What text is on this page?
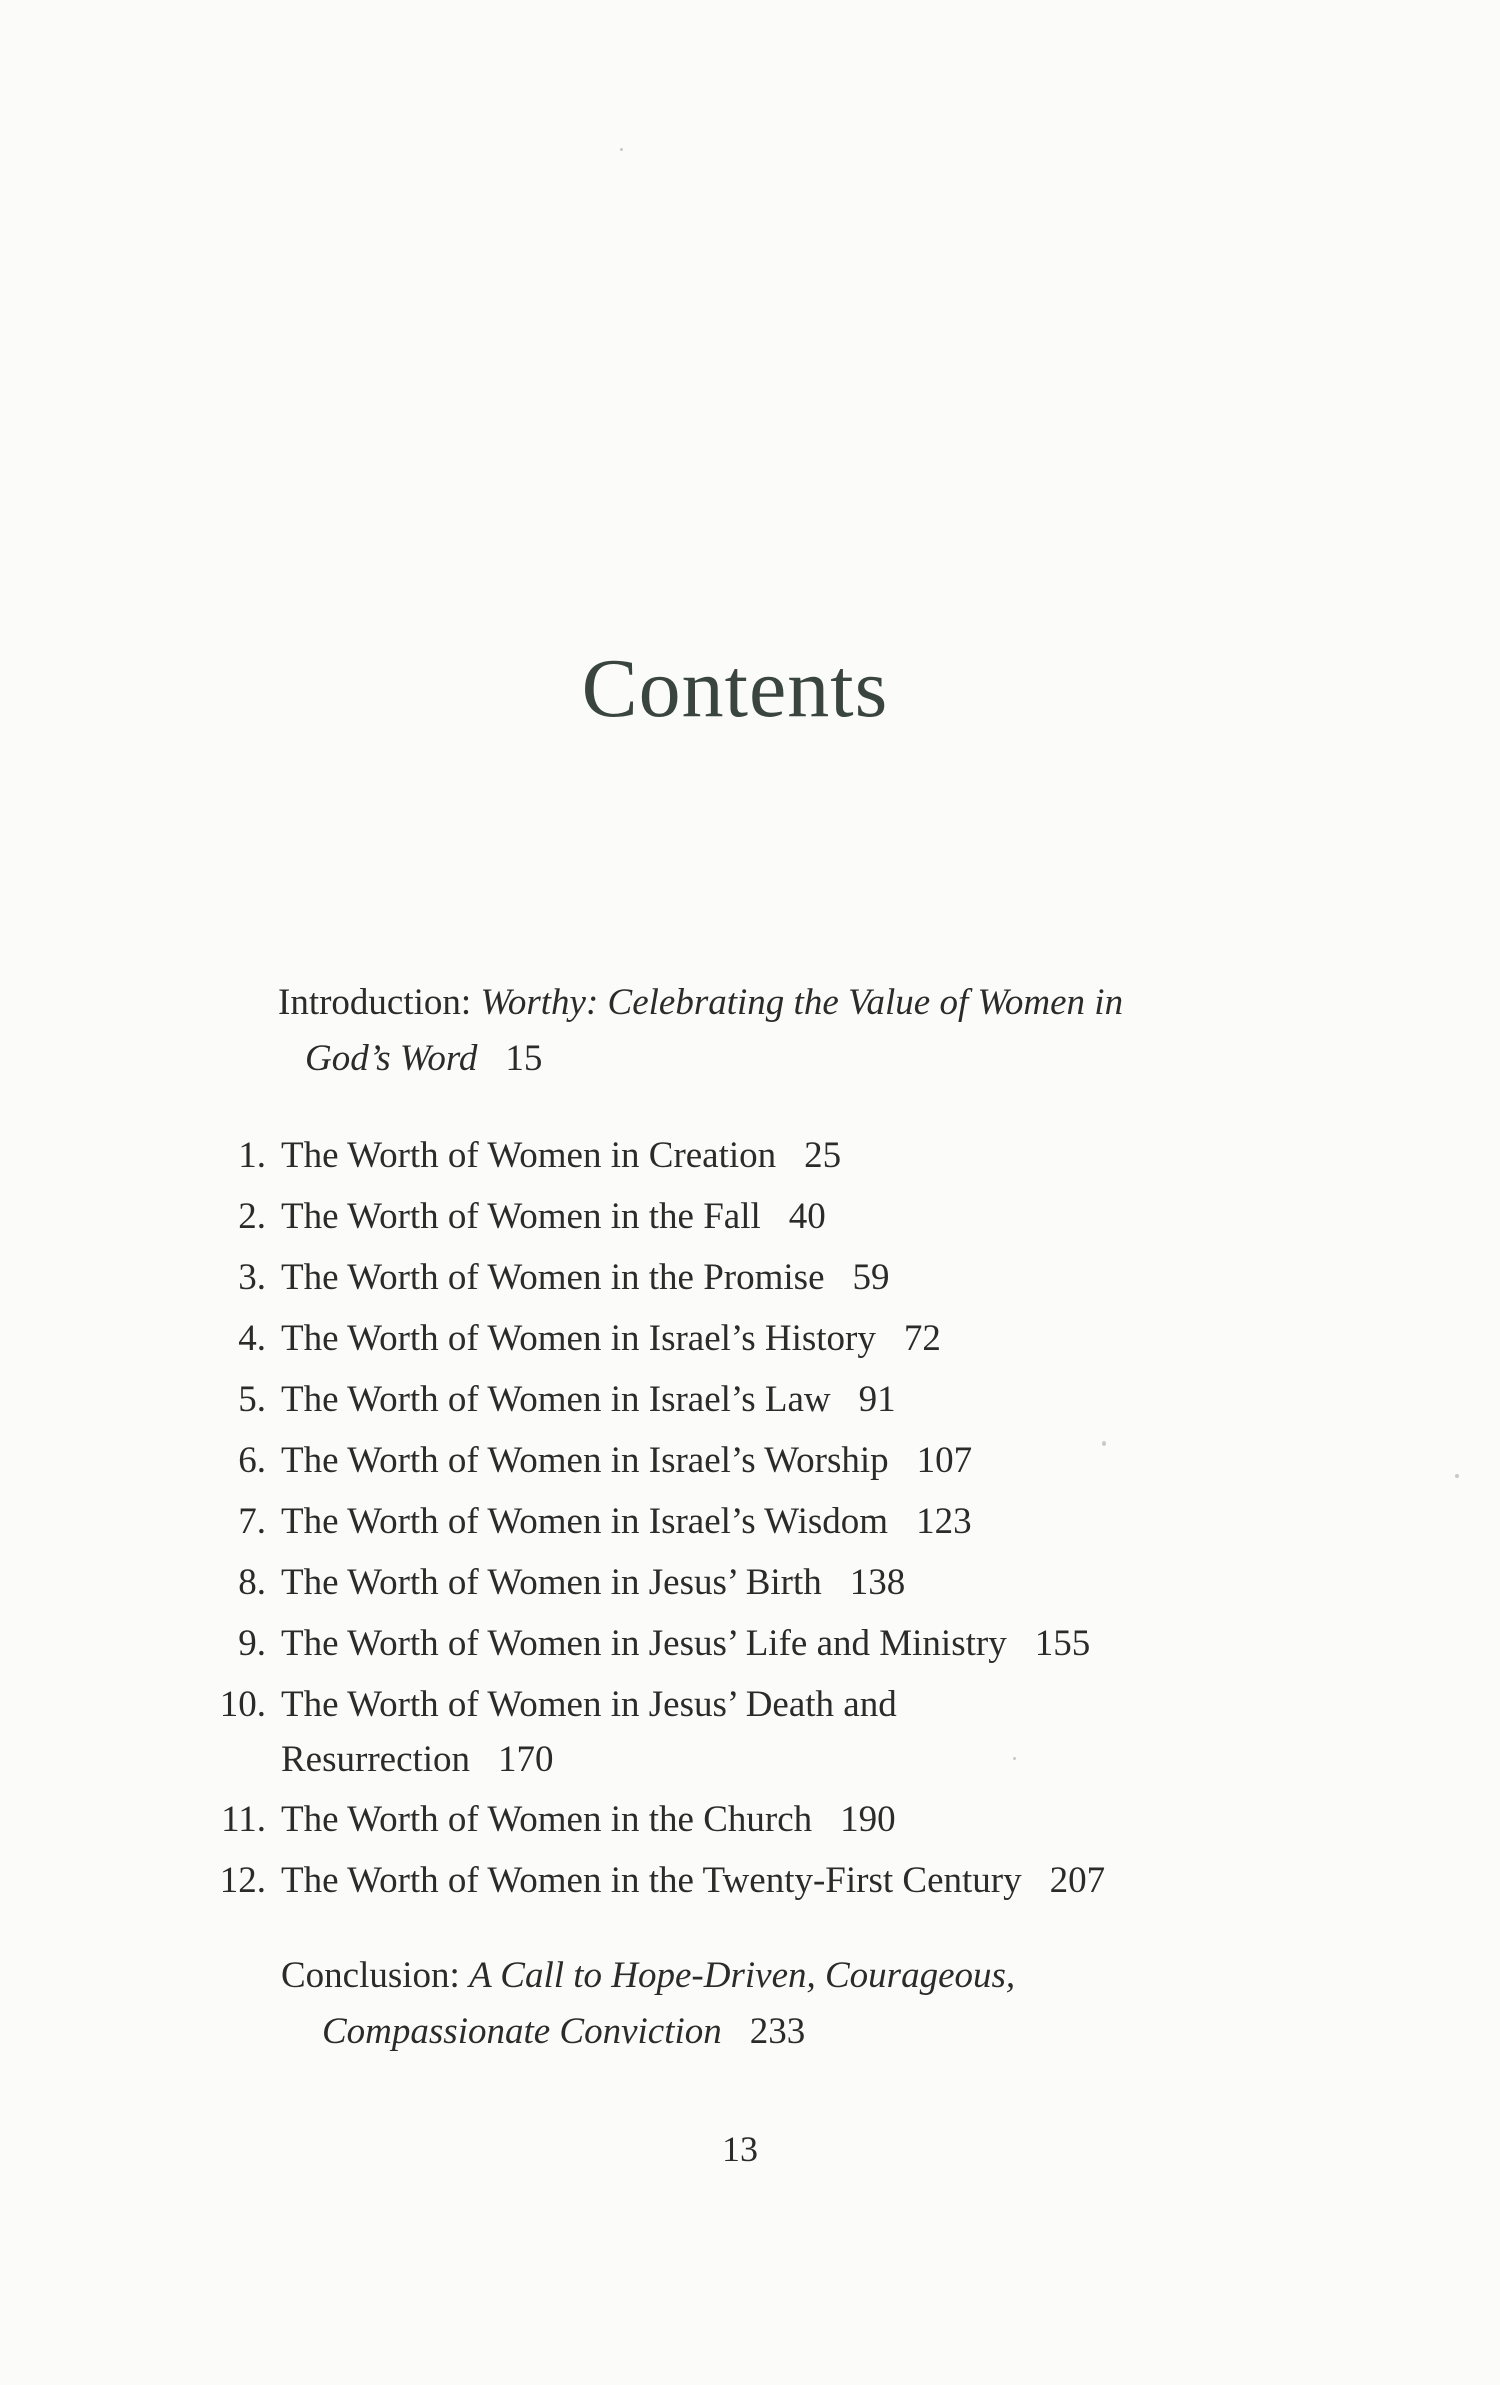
Contents
Introduction: Worthy: Celebrating the Value of Women in
God’s Word 15
1. The Worth of Women in Creation 25
2. The Worth of Women in the Fall 40
3. The Worth of Women in the Promise 59
4. The Worth of Women in Israel’s History 72
5. The Worth of Women in Israel’s Law 91
6. The Worth of Women in Israel’s Worship 107
7. The Worth of Women in Israel’s Wisdom 123
8. The Worth of Women in Jesus’ Birth 138
9. The Worth of Women in Jesus’ Life and Ministry 155
10. The Worth of Women in Jesus’ Death and
Resurrection 170
11. The Worth of Women in the Church 190
12. The Worth of Women in the Twenty-First Century 207
Conclusion: A Call to Hope-Driven, Courageous,
Compassionate Conviction 233
13
